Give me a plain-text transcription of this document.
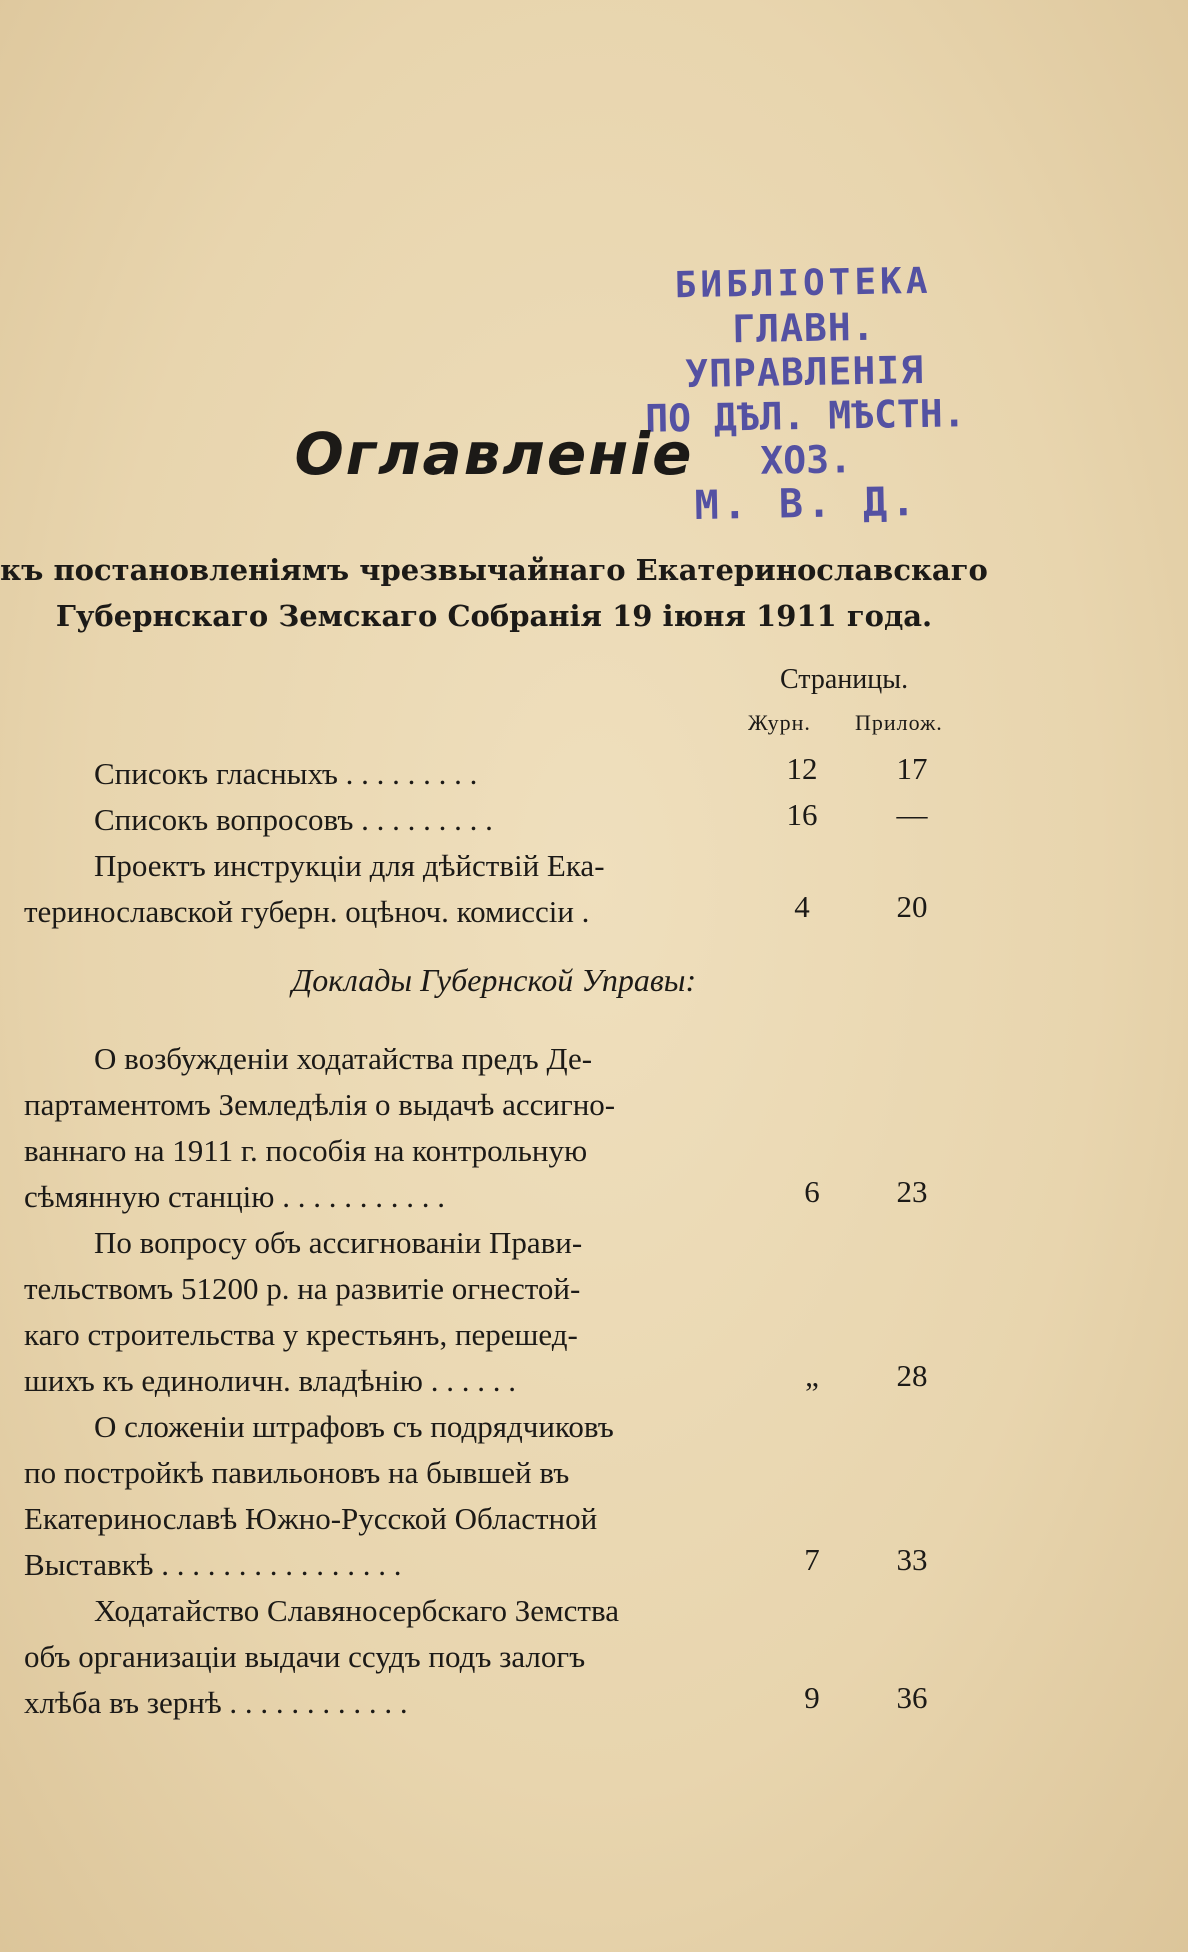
БИБЛІОТЕКА
ГЛАВН. УПРАВЛЕНІЯ
ПО ДѢЛ. МѢСТН. ХОЗ.
М. В. Д.
Оглавленіе
къ постановленіямъ чрезвычайнаго Екатеринославскаго
Губернскаго Земскаго Собранія 19 іюня 1911 года.
Страницы.
Журн. Прилож.
Списокъ гласныхъ . . . . . . . . .	12	17
Списокъ вопросовъ . . . . . . . . .	16	—
Проектъ инструкціи для дѣйствій Ека-
теринославской губерн. оцѣноч. комиссіи .	4	20
Доклады Губернской Управы:
О возбужденіи ходатайства предъ Де-
партаментомъ Земледѣлія о выдачѣ ассигно-
ваннаго на 1911 г. пособія на контрольную
сѣмянную станцію . . . . . . . . . . .	6	23
По вопросу объ ассигнованіи Прави-
тельствомъ 51200 р. на развитіе огнестой-
каго строительства у крестьянъ, перешед-
шихъ къ единоличн. владѣнію . . . . . .	„	28
О сложеніи штрафовъ съ подрядчиковъ
по постройкѣ павильоновъ на бывшей въ
Екатеринославѣ Южно-Русской Областной
Выставкѣ . . . . . . . . . . . . . . . .	7	33
Ходатайство Славяносербскаго Земства
объ организаціи выдачи ссудъ подъ залогъ
хлѣба въ зернѣ . . . . . . . . . . . .	9	36
